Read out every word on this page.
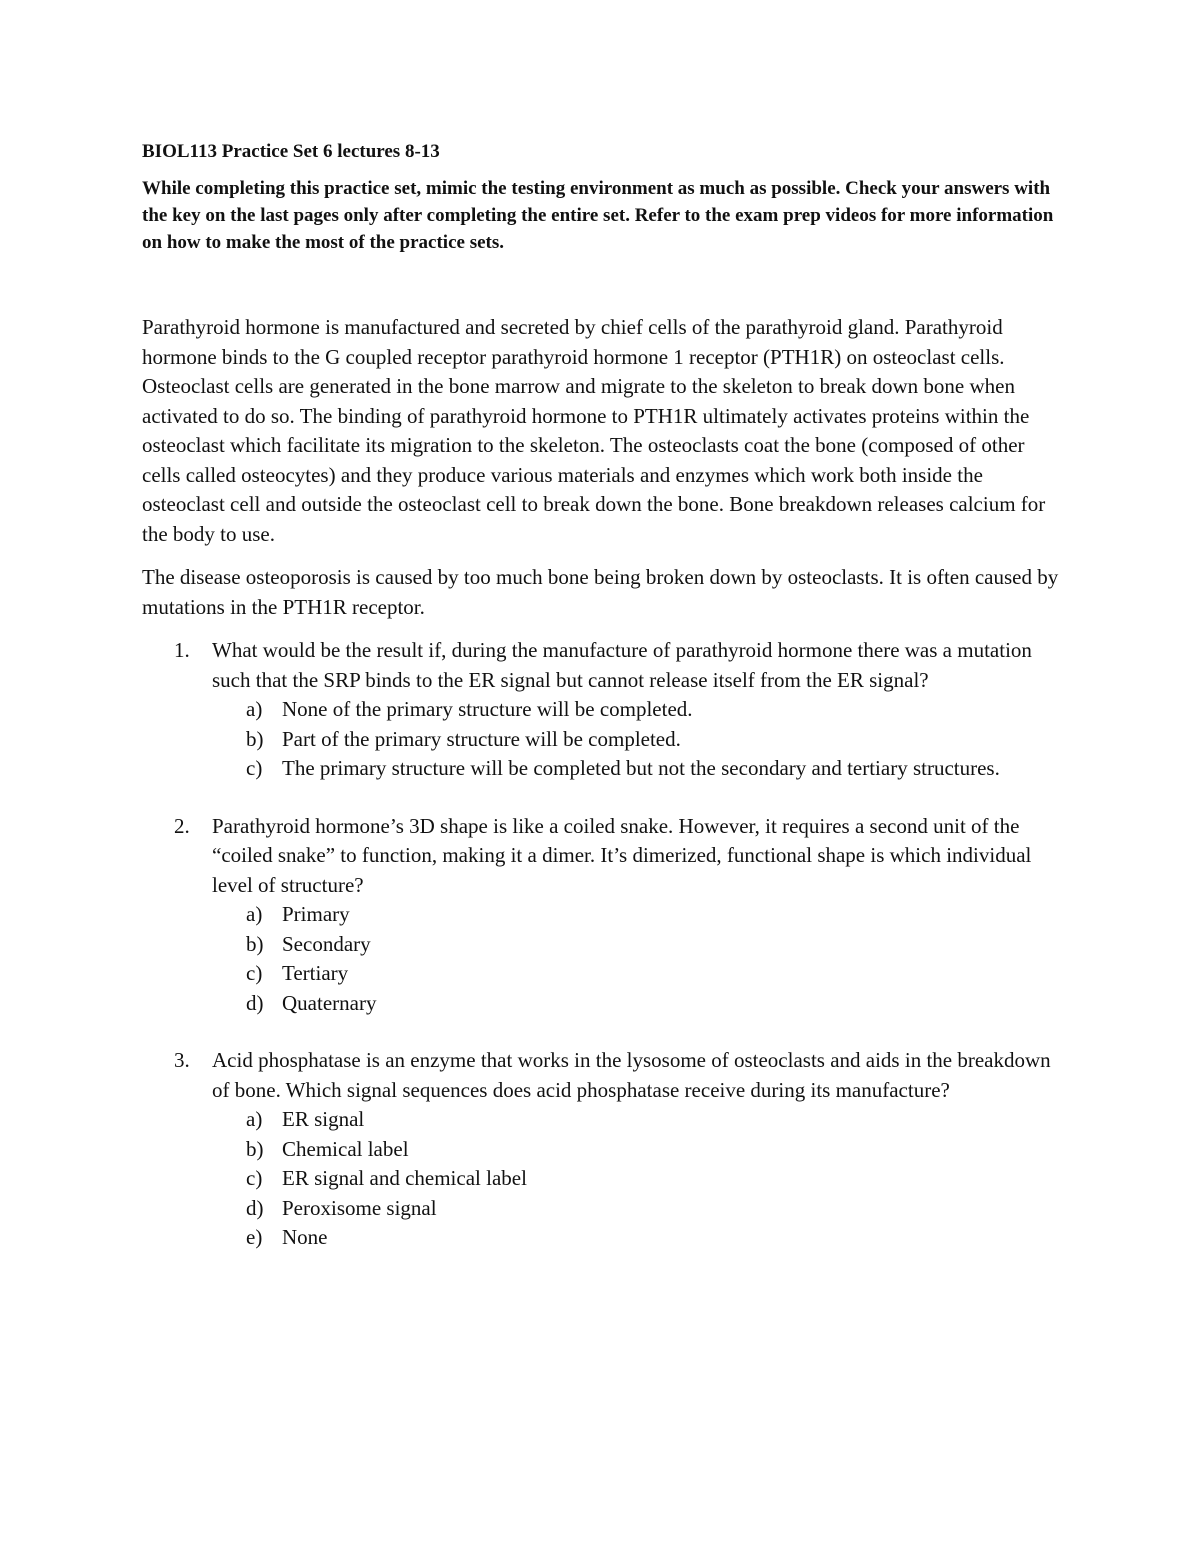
BIOL113 Practice Set 6 lectures 8-13
While completing this practice set, mimic the testing environment as much as possible. Check your answers with the key on the last pages only after completing the entire set. Refer to the exam prep videos for more information on how to make the most of the practice sets.

Parathyroid hormone is manufactured and secreted by chief cells of the parathyroid gland. Parathyroid hormone binds to the G coupled receptor parathyroid hormone 1 receptor (PTH1R) on osteoclast cells. Osteoclast cells are generated in the bone marrow and migrate to the skeleton to break down bone when activated to do so. The binding of parathyroid hormone to PTH1R ultimately activates proteins within the osteoclast which facilitate its migration to the skeleton. The osteoclasts coat the bone (composed of other cells called osteocytes) and they produce various materials and enzymes which work both inside the osteoclast cell and outside the osteoclast cell to break down the bone. Bone breakdown releases calcium for the body to use.

The disease osteoporosis is caused by too much bone being broken down by osteoclasts. It is often caused by mutations in the PTH1R receptor.

1. What would be the result if, during the manufacture of parathyroid hormone there was a mutation such that the SRP binds to the ER signal but cannot release itself from the ER signal?
a) None of the primary structure will be completed.
b) Part of the primary structure will be completed.
c) The primary structure will be completed but not the secondary and tertiary structures.
2. Parathyroid hormone’s 3D shape is like a coiled snake. However, it requires a second unit of the “coiled snake” to function, making it a dimer. It’s dimerized, functional shape is which individual level of structure?
a) Primary
b) Secondary
c) Tertiary
d) Quaternary
3. Acid phosphatase is an enzyme that works in the lysosome of osteoclasts and aids in the breakdown of bone. Which signal sequences does acid phosphatase receive during its manufacture?
a) ER signal
b) Chemical label
c) ER signal and chemical label
d) Peroxisome signal
e) None
